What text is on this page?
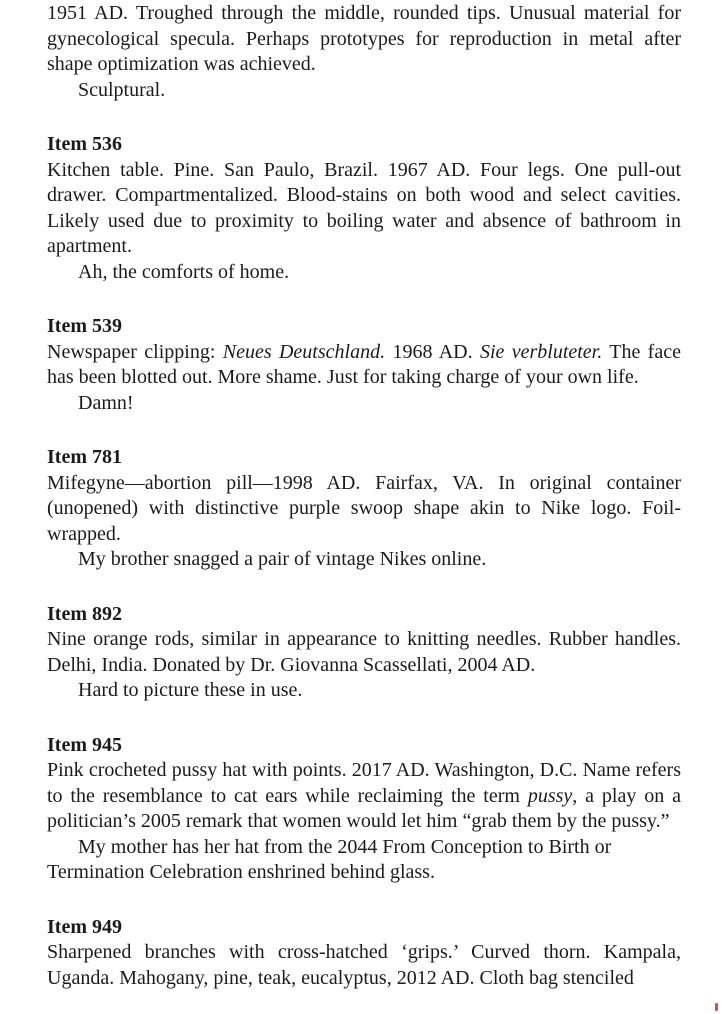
1951 AD. Troughed through the middle, rounded tips. Unusual material for gynecological specula. Perhaps prototypes for reproduction in metal after shape optimization was achieved.

Sculptural.

Item 536

Kitchen table. Pine. San Paulo, Brazil. 1967 AD. Four legs. One pull-out drawer. Compartmentalized. Blood-stains on both wood and select cavities. Likely used due to proximity to boiling water and absence of bathroom in apartment.

Ah, the comforts of home.

Item 539

Newspaper clipping: Neues Deutschland. 1968 AD. Sie verbluteter. The face has been blotted out. More shame. Just for taking charge of your own life.

Damn!

Item 781

Mifegyne—abortion pill—1998 AD. Fairfax, VA. In original container (unopened) with distinctive purple swoop shape akin to Nike logo. Foil-wrapped.

My brother snagged a pair of vintage Nikes online.

Item 892

Nine orange rods, similar in appearance to knitting needles. Rubber handles. Delhi, India. Donated by Dr. Giovanna Scassellati, 2004 AD.

Hard to picture these in use.

Item 945

Pink crocheted pussy hat with points. 2017 AD. Washington, D.C. Name refers to the resemblance to cat ears while reclaiming the term pussy, a play on a politician’s 2005 remark that women would let him “grab them by the pussy.”

My mother has her hat from the 2044 From Conception to Birth or Termination Celebration enshrined behind glass.

Item 949

Sharpened branches with cross-hatched ‘grips.’ Curved thorn. Kampala, Uganda. Mahogany, pine, teak, eucalyptus, 2012 AD. Cloth bag stenciled
